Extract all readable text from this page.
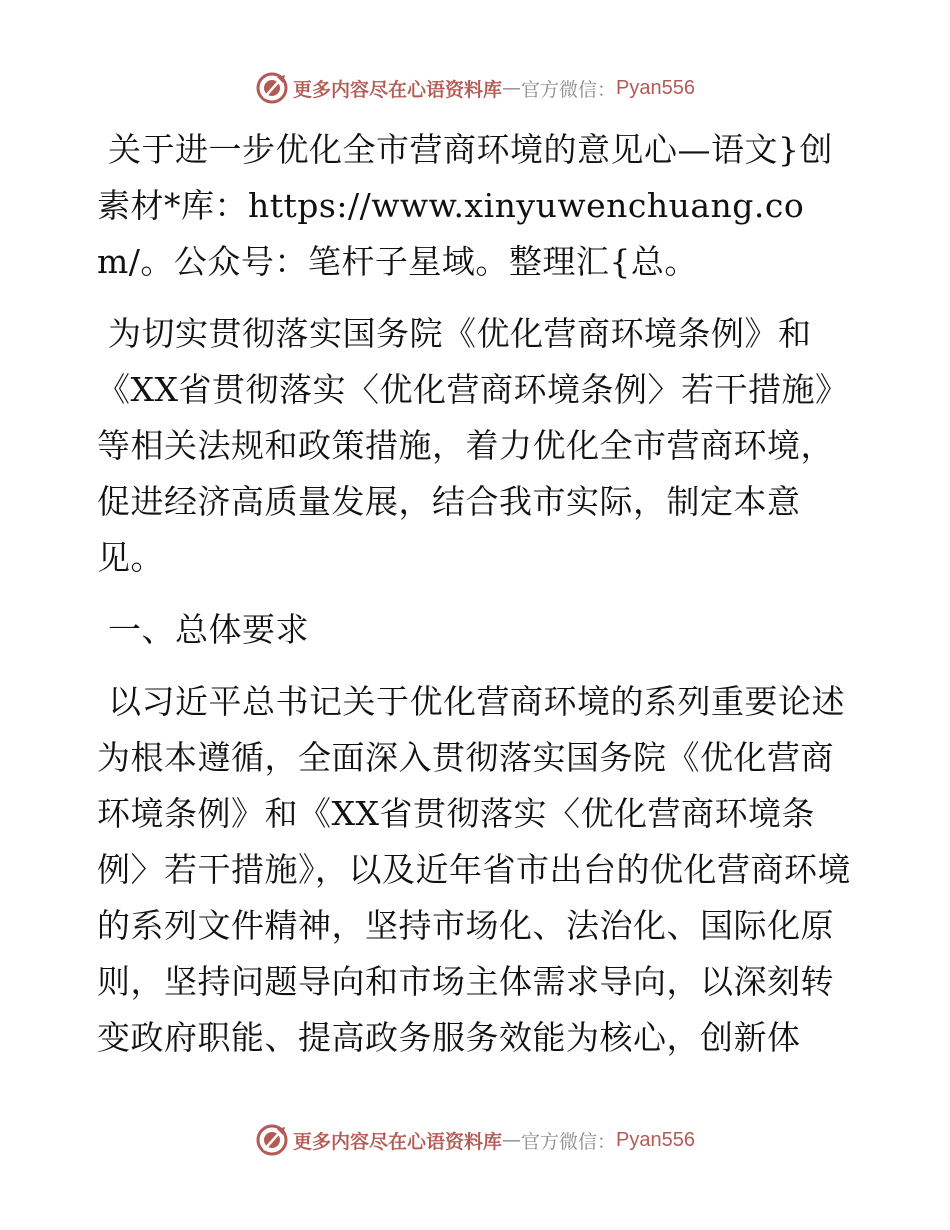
更多内容尽在心语资料库 — 官方微信： Pyan556

关于进一步优化全市营商环境的意见心—语文}创素材*库：https://www.xinyuwenchuang.com/。公众号：笔杆子星域。整理汇{总。

为切实贯彻落实国务院《优化营商环境条例》和《XX省贯彻落实〈优化营商环境条例〉若干措施》等相关法规和政策措施，着力优化全市营商环境，促进经济高质量发展，结合我市实际，制定本意见。

一、总体要求

以习近平总书记关于优化营商环境的系列重要论述为根本遵循，全面深入贯彻落实国务院《优化营商环境条例》和《XX省贯彻落实〈优化营商环境条例〉若干措施》，以及近年省市出台的优化营商环境的系列文件精神，坚持市场化、法治化、国际化原则，坚持问题导向和市场主体需求导向，以深刻转变政府职能、提高政务服务效能为核心，创新体

更多内容尽在心语资料库 — 官方微信： Pyan556
